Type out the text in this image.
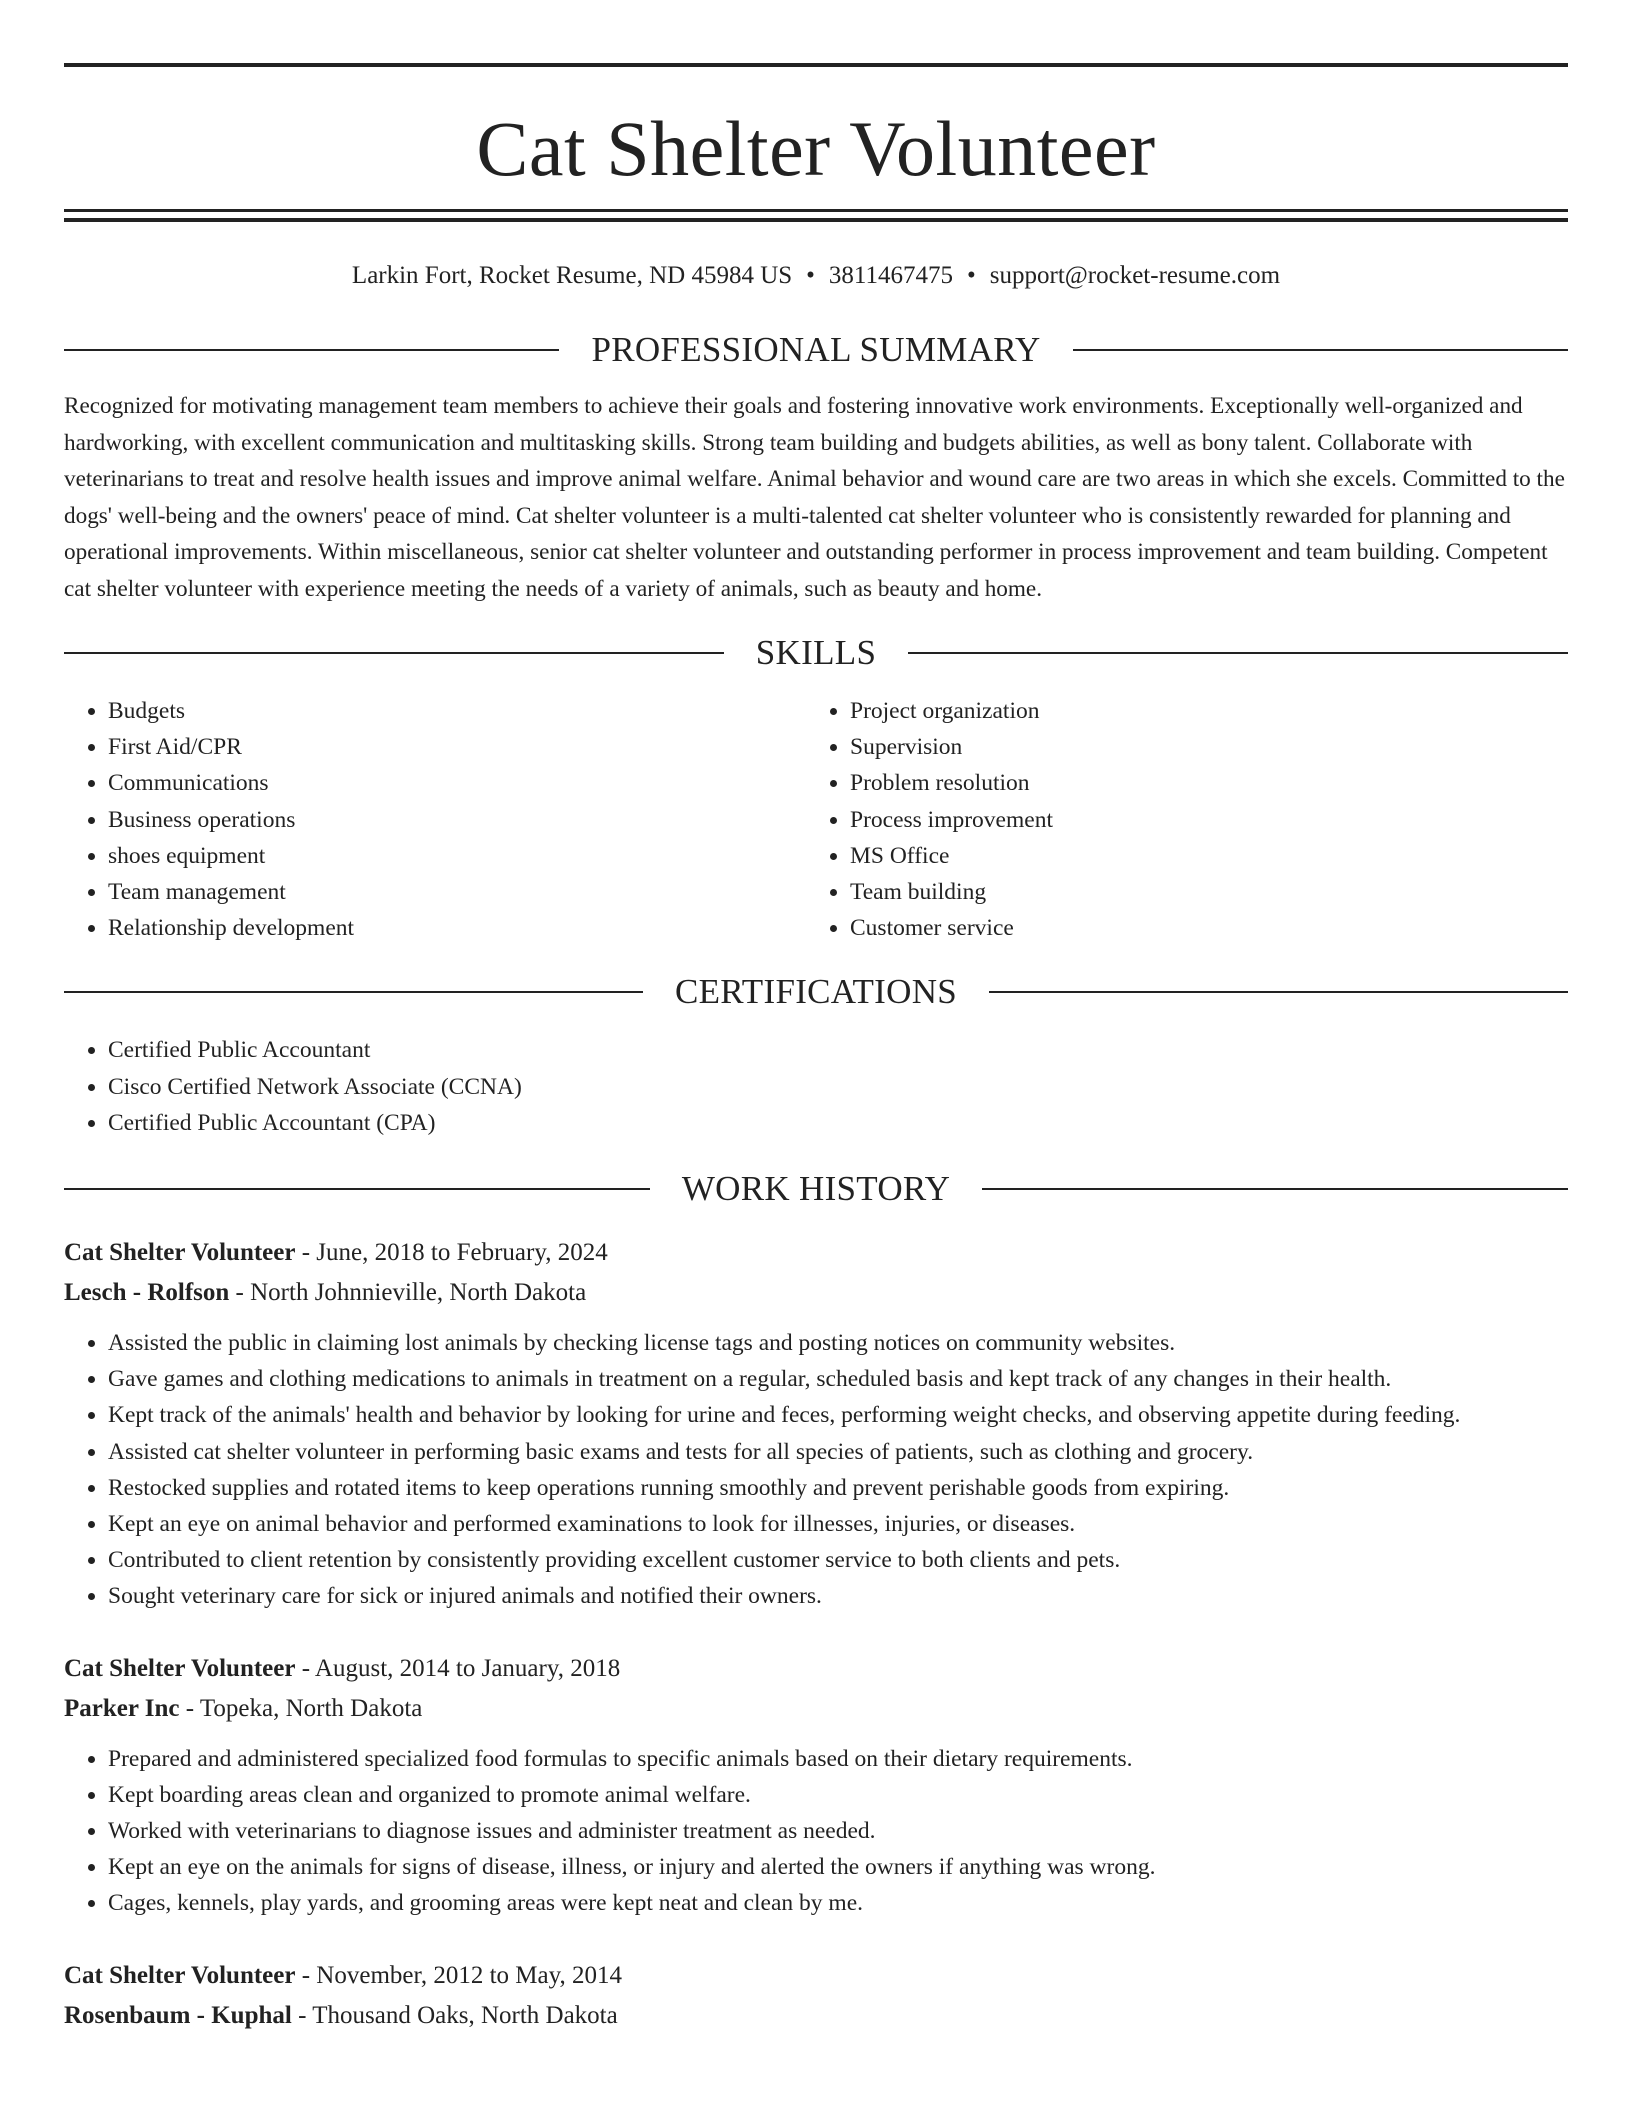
Cat Shelter Volunteer
Larkin Fort, Rocket Resume, ND 45984 US • 3811467475 • support@rocket-resume.com
PROFESSIONAL SUMMARY
Recognized for motivating management team members to achieve their goals and fostering innovative work environments. Exceptionally well-organized and hardworking, with excellent communication and multitasking skills. Strong team building and budgets abilities, as well as bony talent. Collaborate with veterinarians to treat and resolve health issues and improve animal welfare. Animal behavior and wound care are two areas in which she excels. Committed to the dogs' well-being and the owners' peace of mind. Cat shelter volunteer is a multi-talented cat shelter volunteer who is consistently rewarded for planning and operational improvements. Within miscellaneous, senior cat shelter volunteer and outstanding performer in process improvement and team building. Competent cat shelter volunteer with experience meeting the needs of a variety of animals, such as beauty and home.
SKILLS
• Budgets
• First Aid/CPR
• Communications
• Business operations
• shoes equipment
• Team management
• Relationship development
• Project organization
• Supervision
• Problem resolution
• Process improvement
• MS Office
• Team building
• Customer service
CERTIFICATIONS
• Certified Public Accountant
• Cisco Certified Network Associate (CCNA)
• Certified Public Accountant (CPA)
WORK HISTORY
Cat Shelter Volunteer - June, 2018 to February, 2024
Lesch - Rolfson - North Johnnieville, North Dakota
• Assisted the public in claiming lost animals by checking license tags and posting notices on community websites.
• Gave games and clothing medications to animals in treatment on a regular, scheduled basis and kept track of any changes in their health.
• Kept track of the animals' health and behavior by looking for urine and feces, performing weight checks, and observing appetite during feeding.
• Assisted cat shelter volunteer in performing basic exams and tests for all species of patients, such as clothing and grocery.
• Restocked supplies and rotated items to keep operations running smoothly and prevent perishable goods from expiring.
• Kept an eye on animal behavior and performed examinations to look for illnesses, injuries, or diseases.
• Contributed to client retention by consistently providing excellent customer service to both clients and pets.
• Sought veterinary care for sick or injured animals and notified their owners.
Cat Shelter Volunteer - August, 2014 to January, 2018
Parker Inc - Topeka, North Dakota
• Prepared and administered specialized food formulas to specific animals based on their dietary requirements.
• Kept boarding areas clean and organized to promote animal welfare.
• Worked with veterinarians to diagnose issues and administer treatment as needed.
• Kept an eye on the animals for signs of disease, illness, or injury and alerted the owners if anything was wrong.
• Cages, kennels, play yards, and grooming areas were kept neat and clean by me.
Cat Shelter Volunteer - November, 2012 to May, 2014
Rosenbaum - Kuphal - Thousand Oaks, North Dakota
